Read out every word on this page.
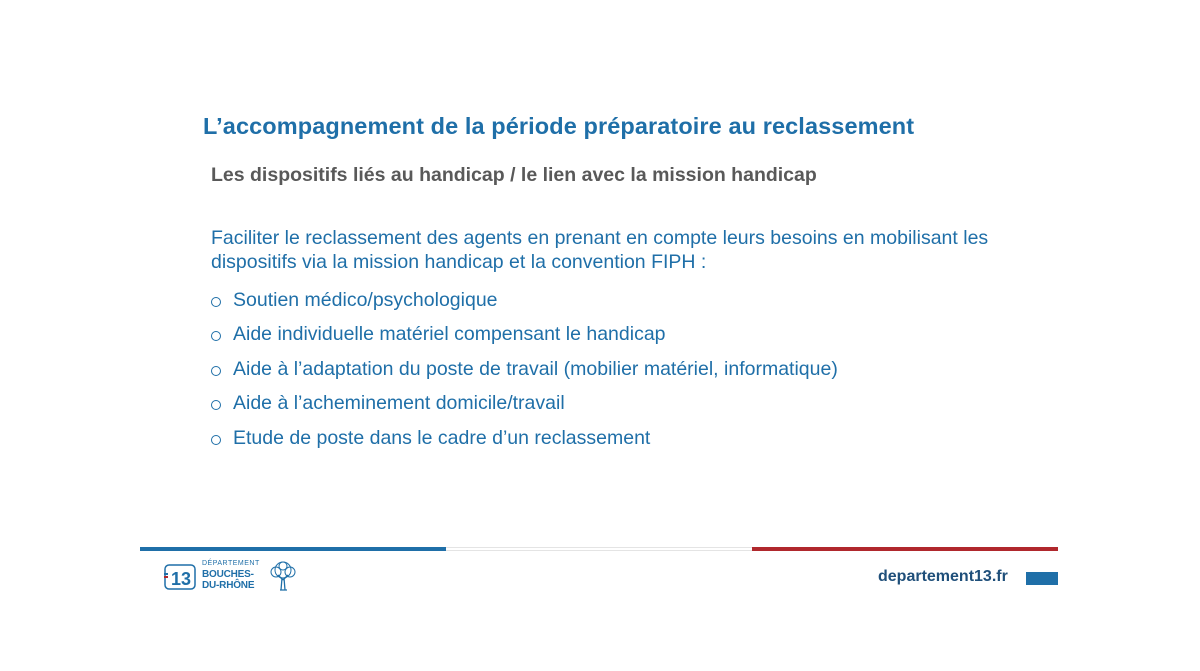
L’accompagnement de la période préparatoire au reclassement
Les dispositifs liés au handicap / le lien avec la mission handicap
Faciliter le reclassement des agents en prenant en compte leurs besoins en mobilisant les dispositifs via la mission handicap et la convention FIPH :
Soutien médico/psychologique
Aide individuelle matériel compensant le handicap
Aide à l’adaptation du poste de travail (mobilier matériel, informatique)
Aide à l’acheminement domicile/travail
Etude de poste dans le cadre d’un reclassement
13
DÉPARTEMENT
BOUCHES-
DU-RHÔNE
departement13.fr
